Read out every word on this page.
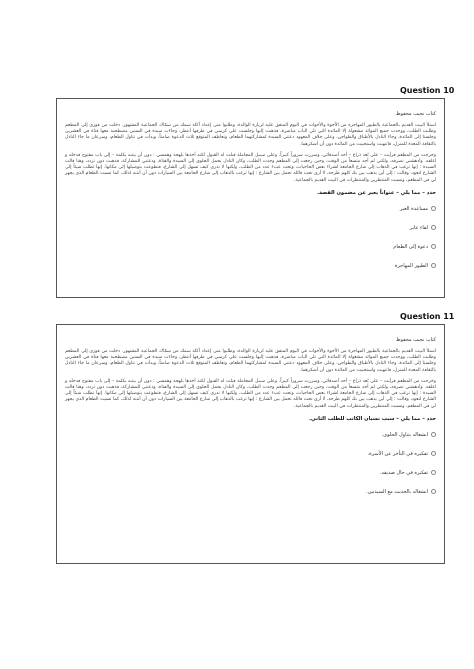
Question 10
كتاب نجيب محفوظ
استلأ البيت القديم بالجماعية بالطيور المهاجرة من الأخوة والأخوات في اليوم المتفق عليه لزيارة الوالدة، وطلبوا منى إعداد أكلة سمك من سمّاك الجماعية المشهور. دخلت من فوزي إلى المطعم وطلبت الطلب، ووجدت جميع الموائد مشغولة إلا المائدة التي تلي الباب مباشرة، فذهبت إليها وجلست على كرسي في طرفها أنتظر، وجاءت سيدة في السنين مصطحبة معها فتاة في العشرين وجلستا إلى المائدة، وجاء النادل بالأطباق والطواجن، وعلى خلاف المعهود دعتني السيدة لمشاركتهما الطعام، وتعاطف المتوقع ثلاث الدعوة صامتاً، وبدأت في تناول الطعام، وسرعان ما جاء النادل بالثقافة المعدة للمنزل، فانتهيت واستحييت من المائدة دون أن أشكرهما.
وخرجت من المطعم فرأيت – على بُعد ذراع – أحد أصدقائي، وسررت سروراً كبيراً. وعلى سبيل المجاملة قبلت له القبول لكنه أخذها بلهجة وهمسي : دون أن ينتبه بكلمة – إلى باب مفتوح فدخله و اغلقه. وأدهشني تصرفه، ولكني لم أجد متسعاً من الوقت، وحين رجعت إلى المطعم وجدت الطلب، وكان النادل يحمل الحلوى إلى السيدة والفتاة، ودعتني للمشاركة، فذهبت دون تردد، وهنا قالت السيدة : إنها ترغب في الذهاب إلى شارع الجامعة لشراء بعض الحاجيات، وتحت عبء عدد من الطلب، ولكنها لا تدري كيف تسهل إلى الشارع، فتطوعت بتوصيلها إلى مكانها. إنها تطلب شيئاً إلى الشارع لتعود، وقالت : إلى أين يذهب بين بك كلهم طرحه، لا أرى تحت فالله تحمل بين الشارع : إنها ترغب بالذهاب إلى شارع الجامعة بين السيارات دون أن أنتبه لذلك، كما نسيت الطعام الذي يجهز لي في المطعم، ونسيت المنتظرين والمنتظرات في البيت القديم بالجماعية.
حدد – مما يلي – عنواناً يعبر عن مضمون القصة.
مساعدة الغير
لقاء عابر
دعوة إلى الطعام
الطيور المهاجرة
Question 11
كتاب نجيب محفوظ
استلأ البيت القديم بالجماعية بالطيور المهاجرة من الأخوة والأخوات في اليوم المتفق عليه لزيارة الوالدة، وطلبوا منى إعداد أكلة سمك من سمّاك الجماعية المشهور. دخلت من فوزي إلى المطعم وطلبت الطلب، ووجدت جميع الموائد مشغولة إلا المائدة التي تلي الباب مباشرة، فذهبت إليها وجلست على كرسي في طرفها أنتظر، وجاءت سيدة في السنين مصطحبة معها فتاة في العشرين وجلستا إلى المائدة، وجاء النادل بالأطباق والطواجن، وعلى خلاف المعهود دعتني السيدة لمشاركتهما الطعام، وتعاطف المتوقع ثلاث الدعوة صامتاً، وبدأت في تناول الطعام، وسرعان ما جاء النادل بالثقافة المعدة للمنزل، فانتهيت واستحييت من المائدة دون أن أشكرهما.
وخرجت من المطعم فرأيت – على بُعد ذراع – أحد أصدقائي، وسررت سروراً كبيراً. وعلى سبيل المجاملة قبلت له القبول لكنه أخذها بلهجة وهمسي : دون أن ينتبه بكلمة – إلى باب مفتوح فدخله و اغلقه. وأدهشني تصرفه، ولكني لم أجد متسعاً من الوقت، وحين رجعت إلى المطعم وجدت الطلب، وكان النادل يحمل الحلوى إلى السيدة والفتاة، ودعتني للمشاركة، فذهبت دون تردد، وهنا قالت السيدة : إنها ترغب في الذهاب إلى شارع الجامعة لشراء بعض الحاجيات، وتحت عبء عدد من الطلب، ولكنها لا تدري كيف تسهل إلى الشارع، فتطوعت بتوصيلها إلى مكانها. إنها تطلب شيئاً إلى الشارع لتعود، وقالت : إلى أين يذهب بين بك كلهم طرحه، لا أرى تحت فالله تحمل بين الشارع : إنها ترغب بالذهاب إلى شارع الجامعة بين السيارات دون أن أنتبه لذلك، كما نسيت الطعام الذي يجهز لي في المطعم، ونسيت المنتظرين والمنتظرات في البيت القديم بالجماعية.
حدد – مما يلي – سبب نسيان الكاتب للطلب الثاني.
انشغاله بتناول الحلوى.
تفكيره في التأخر عن الأسرة.
تفكيره في حال صديقه.
انشغاله بالحديث مع السيدتين.
